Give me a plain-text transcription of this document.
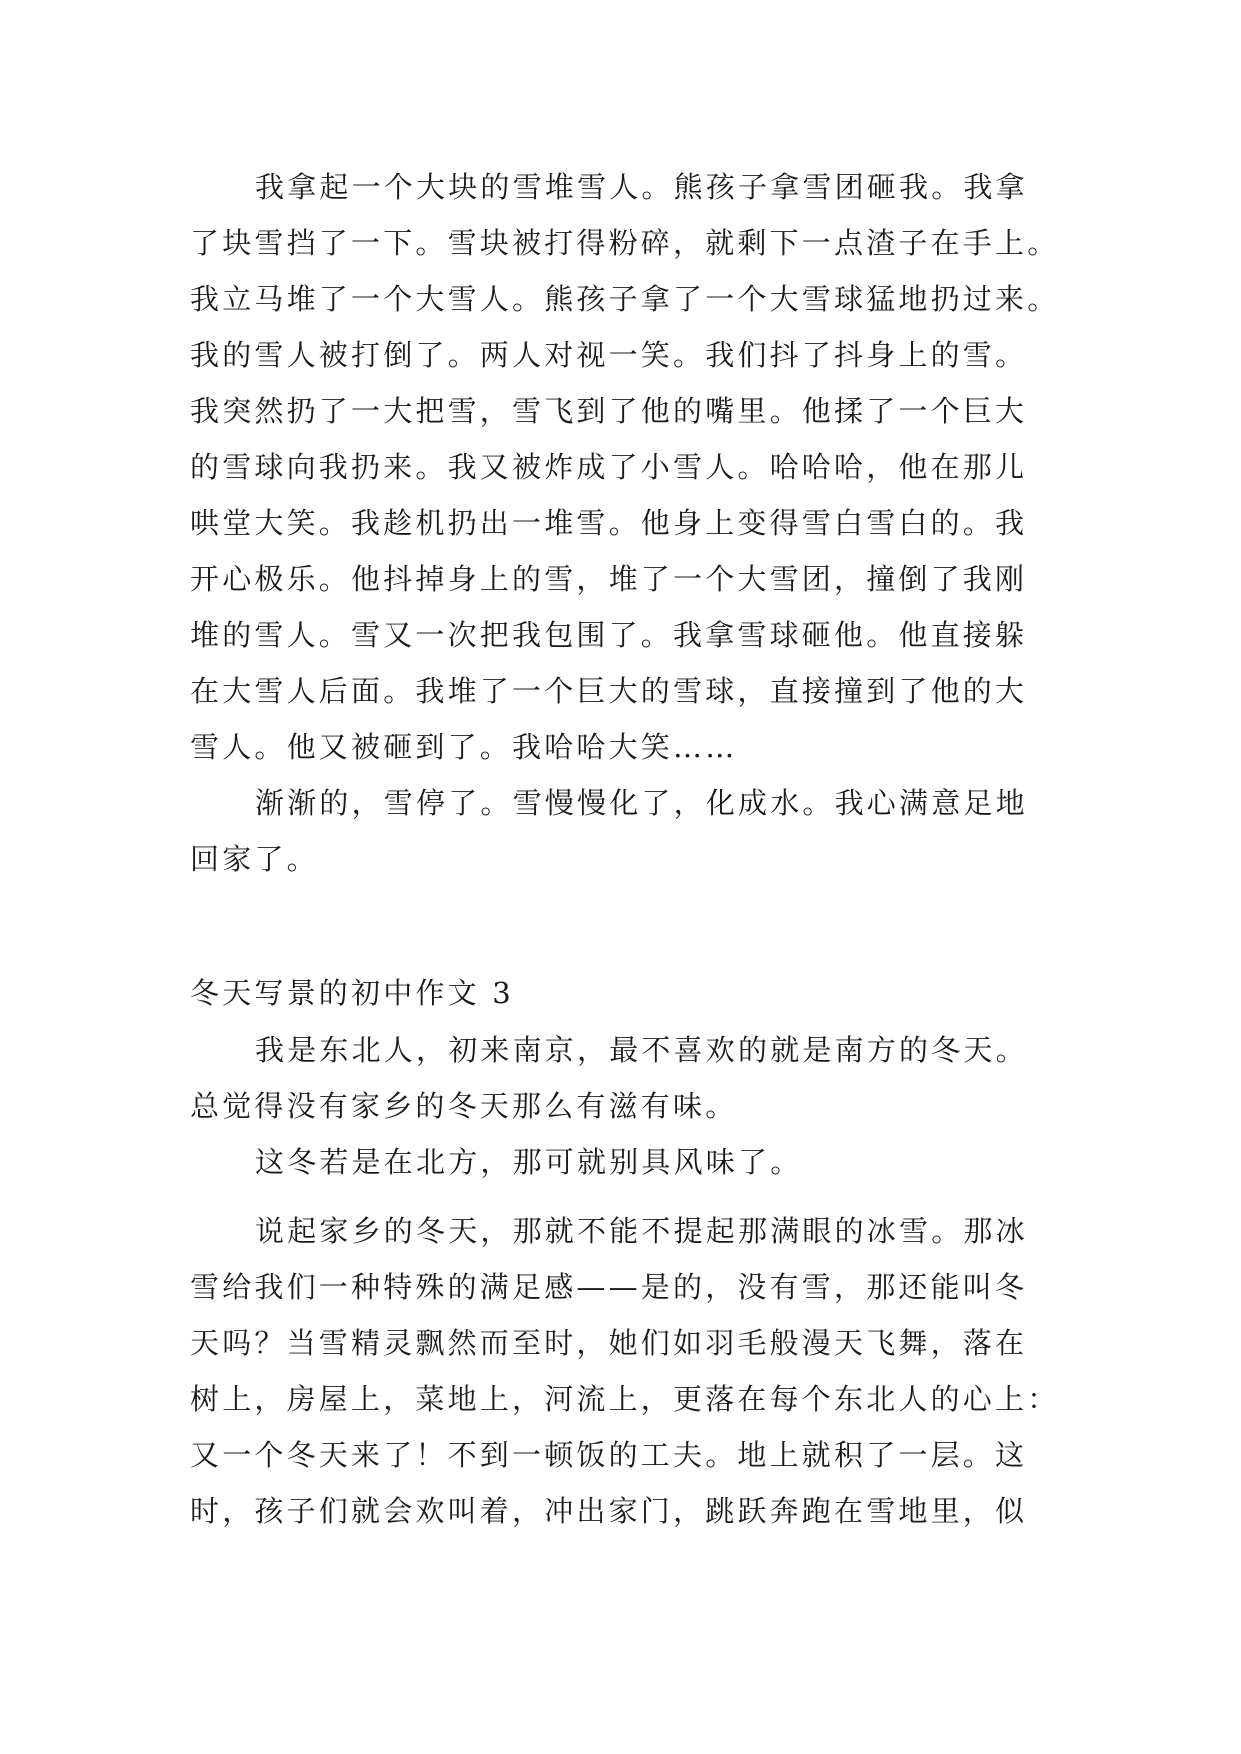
我拿起一个大块的雪堆雪人。熊孩子拿雪团砸我。我拿
了块雪挡了一下。雪块被打得粉碎，就剩下一点渣子在手上。
我立马堆了一个大雪人。熊孩子拿了一个大雪球猛地扔过来。
我的雪人被打倒了。两人对视一笑。我们抖了抖身上的雪。
我突然扔了一大把雪，雪飞到了他的嘴里。他揉了一个巨大
的雪球向我扔来。我又被炸成了小雪人。哈哈哈，他在那儿
哄堂大笑。我趁机扔出一堆雪。他身上变得雪白雪白的。我
开心极乐。他抖掉身上的雪，堆了一个大雪团，撞倒了我刚
堆的雪人。雪又一次把我包围了。我拿雪球砸他。他直接躲
在大雪人后面。我堆了一个巨大的雪球，直接撞到了他的大
雪人。他又被砸到了。我哈哈大笑……
渐渐的，雪停了。雪慢慢化了，化成水。我心满意足地
回家了。
冬天写景的初中作文 3
我是东北人，初来南京，最不喜欢的就是南方的冬天。
总觉得没有家乡的冬天那么有滋有味。
这冬若是在北方，那可就别具风味了。
说起家乡的冬天，那就不能不提起那满眼的冰雪。那冰
雪给我们一种特殊的满足感——是的，没有雪，那还能叫冬
天吗？当雪精灵飘然而至时，她们如羽毛般漫天飞舞，落在
树上，房屋上，菜地上，河流上，更落在每个东北人的心上：
又一个冬天来了！不到一顿饭的工夫。地上就积了一层。这
时，孩子们就会欢叫着，冲出家门，跳跃奔跑在雪地里，似
